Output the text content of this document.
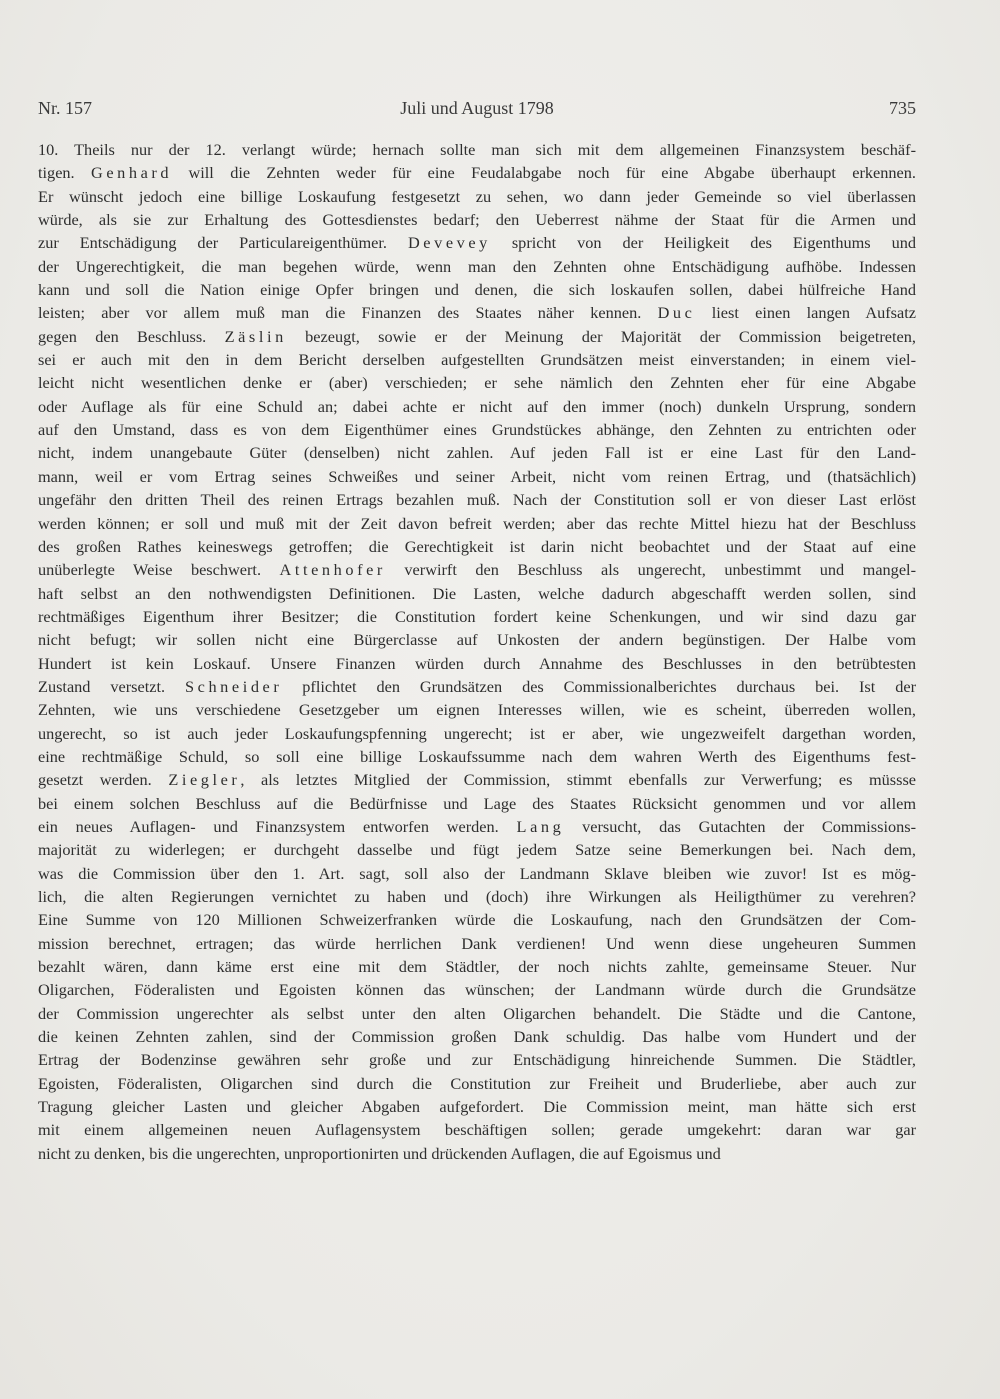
Nr. 157	Juli und August 1798	735
10. Theils nur der 12. verlangt würde; hernach sollte man sich mit dem allgemeinen Finanzsystem beschäf-
tigen. Genhard will die Zehnten weder für eine Feudalabgabe noch für eine Abgabe überhaupt erkennen.
Er wünscht jedoch eine billige Loskaufung festgesetzt zu sehen, wo dann jeder Gemeinde so viel überlassen
würde, als sie zur Erhaltung des Gottesdienstes bedarf; den Ueberrest nähme der Staat für die Armen und
zur Entschädigung der Particulareigenthümer. Devevey spricht von der Heiligkeit des Eigenthums und
der Ungerechtigkeit, die man begehen würde, wenn man den Zehnten ohne Entschädigung aufhöbe. Indessen
kann und soll die Nation einige Opfer bringen und denen, die sich loskaufen sollen, dabei hülfreiche Hand
leisten; aber vor allem muß man die Finanzen des Staates näher kennen. Duc liest einen langen Aufsatz
gegen den Beschluss. Zäslin bezeugt, sowie er der Meinung der Majorität der Commission beigetreten,
sei er auch mit den in dem Bericht derselben aufgestellten Grundsätzen meist einverstanden; in einem viel-
leicht nicht wesentlichen denke er (aber) verschieden; er sehe nämlich den Zehnten eher für eine Abgabe
oder Auflage als für eine Schuld an; dabei achte er nicht auf den immer (noch) dunkeln Ursprung, sondern
auf den Umstand, dass es von dem Eigenthümer eines Grundstückes abhänge, den Zehnten zu entrichten oder
nicht, indem unangebaute Güter (denselben) nicht zahlen. Auf jeden Fall ist er eine Last für den Land-
mann, weil er vom Ertrag seines Schweißes und seiner Arbeit, nicht vom reinen Ertrag, und (thatsächlich)
ungefähr den dritten Theil des reinen Ertrags bezahlen muß. Nach der Constitution soll er von dieser Last erlöst
werden können; er soll und muß mit der Zeit davon befreit werden; aber das rechte Mittel hiezu hat der Beschluss
des großen Rathes keineswegs getroffen; die Gerechtigkeit ist darin nicht beobachtet und der Staat auf eine
unüberlegte Weise beschwert. Attenhofer verwirft den Beschluss als ungerecht, unbestimmt und mangel-
haft selbst an den nothwendigsten Definitionen. Die Lasten, welche dadurch abgeschafft werden sollen, sind
rechtmäßiges Eigenthum ihrer Besitzer; die Constitution fordert keine Schenkungen, und wir sind dazu gar
nicht befugt; wir sollen nicht eine Bürgerclasse auf Unkosten der andern begünstigen. Der Halbe vom
Hundert ist kein Loskauf. Unsere Finanzen würden durch Annahme des Beschlusses in den betrübtesten
Zustand versetzt. Schneider pflichtet den Grundsätzen des Commissionalberichtes durchaus bei. Ist der
Zehnten, wie uns verschiedene Gesetzgeber um eignen Interesses willen, wie es scheint, überreden wollen,
ungerecht, so ist auch jeder Loskaufungspfenning ungerecht; ist er aber, wie ungezweifelt dargethan worden,
eine rechtmäßige Schuld, so soll eine billige Loskaufssumme nach dem wahren Werth des Eigenthums fest-
gesetzt werden. Ziegler, als letztes Mitglied der Commission, stimmt ebenfalls zur Verwerfung; es müssse
bei einem solchen Beschluss auf die Bedürfnisse und Lage des Staates Rücksicht genommen und vor allem
ein neues Auflagen- und Finanzsystem entworfen werden. Lang versucht, das Gutachten der Commissions-
majorität zu widerlegen; er durchgeht dasselbe und fügt jedem Satze seine Bemerkungen bei. Nach dem,
was die Commission über den 1. Art. sagt, soll also der Landmann Sklave bleiben wie zuvor! Ist es mög-
lich, die alten Regierungen vernichtet zu haben und (doch) ihre Wirkungen als Heiligthümer zu verehren?
Eine Summe von 120 Millionen Schweizerfranken würde die Loskaufung, nach den Grundsätzen der Com-
mission berechnet, ertragen; das würde herrlichen Dank verdienen! Und wenn diese ungeheuren Summen
bezahlt wären, dann käme erst eine mit dem Städtler, der noch nichts zahlte, gemeinsame Steuer. Nur
Oligarchen, Föderalisten und Egoisten können das wünschen; der Landmann würde durch die Grundsätze
der Commission ungerechter als selbst unter den alten Oligarchen behandelt. Die Städte und die Cantone,
die keinen Zehnten zahlen, sind der Commission großen Dank schuldig. Das halbe vom Hundert und der
Ertrag der Bodenzinse gewähren sehr große und zur Entschädigung hinreichende Summen. Die Städtler,
Egoisten, Föderalisten, Oligarchen sind durch die Constitution zur Freiheit und Bruderliebe, aber auch zur
Tragung gleicher Lasten und gleicher Abgaben aufgefordert. Die Commission meint, man hätte sich erst
mit einem allgemeinen neuen Auflagensystem beschäftigen sollen; gerade umgekehrt: daran war gar
nicht zu denken, bis die ungerechten, unproportionirten und drückenden Auflagen, die auf Egoismus und
